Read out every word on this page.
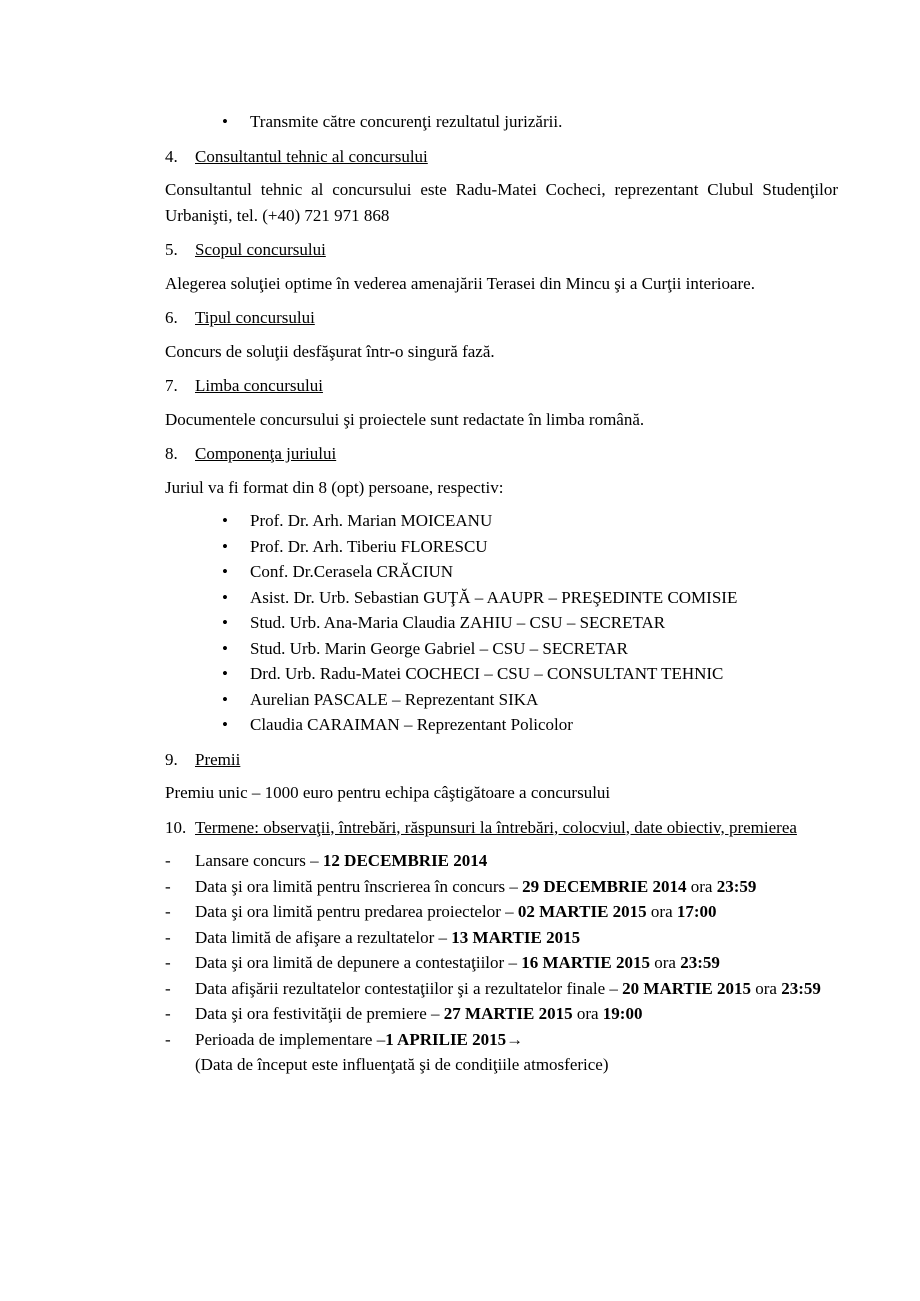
• Transmite către concurenţi rezultatul jurizării.
4. Consultantul tehnic al concursului
Consultantul tehnic al concursului este Radu-Matei Cocheci, reprezentant Clubul Studenţilor Urbanişti, tel. (+40) 721 971 868
5. Scopul concursului
Alegerea soluţiei optime în vederea amenajării Terasei din Mincu şi a Curţii interioare.
6. Tipul concursului
Concurs de soluţii desfăşurat într-o singură fază.
7. Limba concursului
Documentele concursului şi proiectele sunt redactate în limba română.
8. Componenţa juriului
Juriul va fi format din 8 (opt) persoane, respectiv:
• Prof. Dr. Arh. Marian MOICEANU
• Prof. Dr. Arh. Tiberiu FLORESCU
• Conf. Dr.Cerasela CRĂCIUN
• Asist. Dr. Urb. Sebastian GUŢĂ – AAUPR – PREŞEDINTE COMISIE
• Stud. Urb. Ana-Maria Claudia ZAHIU – CSU – SECRETAR
• Stud. Urb. Marin George Gabriel – CSU – SECRETAR
• Drd. Urb. Radu-Matei COCHECI – CSU – CONSULTANT TEHNIC
• Aurelian PASCALE – Reprezentant SIKA
• Claudia CARAIMAN – Reprezentant Policolor
9. Premii
Premiu unic – 1000 euro pentru echipa câştigătoare a concursului
10. Termene: observaţii, întrebări, răspunsuri la întrebări, colocviul, date obiectiv, premierea
- Lansare concurs – 12 DECEMBRIE 2014
- Data şi ora limită pentru înscrierea în concurs – 29 DECEMBRIE 2014 ora 23:59
- Data şi ora limită pentru predarea proiectelor – 02 MARTIE 2015 ora 17:00
- Data limită de afişare a rezultatelor – 13 MARTIE 2015
- Data şi ora limită de depunere a contestaţiilor – 16 MARTIE 2015 ora 23:59
- Data afişării rezultatelor contestaţiilor şi a rezultatelor finale – 20 MARTIE 2015 ora 23:59
- Data şi ora festivităţii de premiere – 27 MARTIE 2015 ora 19:00
- Perioada de implementare –1 APRILIE 2015→
(Data de început este influenţată şi de condiţiile atmosferice)
